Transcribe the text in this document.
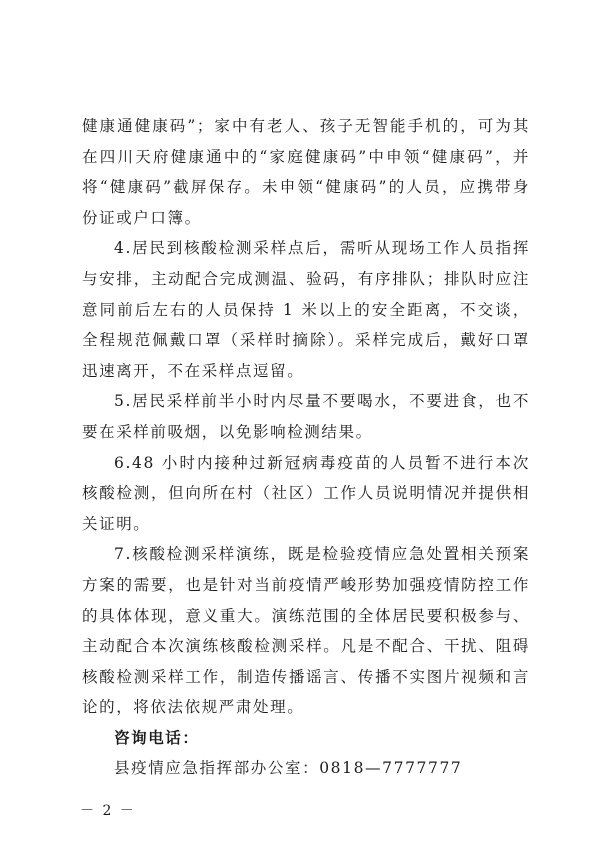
健康通健康码”；家中有老人、孩子无智能手机的，可为其在四川天府健康通中的“家庭健康码”中申领“健康码”，并将“健康码”截屏保存。未申领“健康码”的人员，应携带身份证或户口簿。

4.居民到核酸检测采样点后，需听从现场工作人员指挥与安排，主动配合完成测温、验码，有序排队；排队时应注意同前后左右的人员保持 1 米以上的安全距离，不交谈，全程规范佩戴口罩（采样时摘除）。采样完成后，戴好口罩迅速离开，不在采样点逗留。

5.居民采样前半小时内尽量不要喝水，不要进食，也不要在采样前吸烟，以免影响检测结果。

6.48 小时内接种过新冠病毒疫苗的人员暂不进行本次核酸检测，但向所在村（社区）工作人员说明情况并提供相关证明。

7.核酸检测采样演练，既是检验疫情应急处置相关预案方案的需要，也是针对当前疫情严峻形势加强疫情防控工作的具体体现，意义重大。演练范围的全体居民要积极参与、主动配合本次演练核酸检测采样。凡是不配合、干扰、阻碍核酸检测采样工作，制造传播谣言、传播不实图片视频和言论的，将依法依规严肃处理。

咨询电话：

县疫情应急指挥部办公室：0818—7777777

－ 2 －
